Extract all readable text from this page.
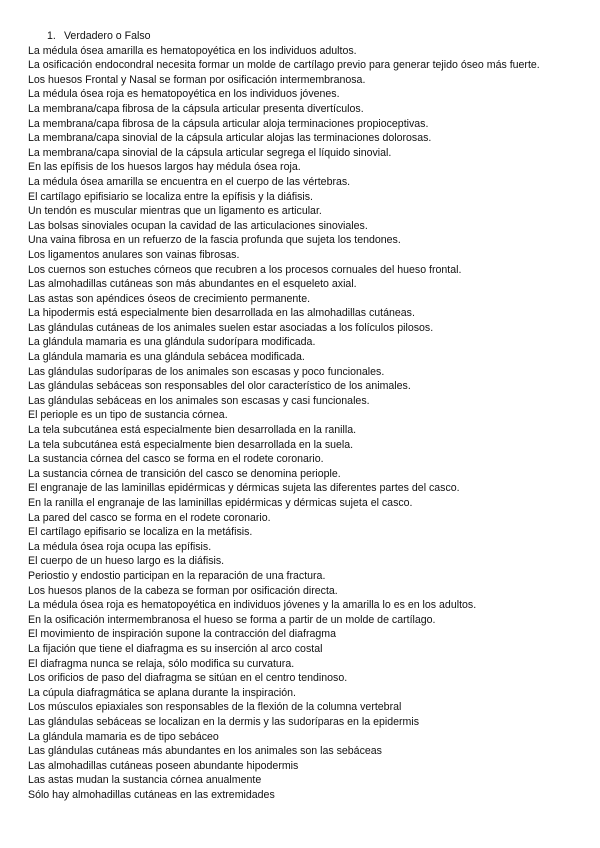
1. Verdadero o Falso
La médula ósea amarilla es hematopoyética en los individuos adultos.
La osificación endocondral necesita formar un molde de cartílago previo para generar tejido óseo más fuerte.
Los huesos Frontal y Nasal se forman por osificación intermembranosa.
La médula ósea roja es hematopoyética en los individuos jóvenes.
La membrana/capa fibrosa de la cápsula articular presenta divertículos.
La membrana/capa fibrosa de la cápsula articular aloja terminaciones propioceptivas.
La membrana/capa sinovial de la cápsula articular alojas las terminaciones dolorosas.
La membrana/capa sinovial de la cápsula articular segrega el líquido sinovial.
En las epífisis de los huesos largos hay médula ósea roja.
La médula ósea amarilla se encuentra en el cuerpo de las vértebras.
El cartílago epifisiario se localiza entre la epífisis y la diáfisis.
Un tendón es muscular mientras que un ligamento es articular.
Las bolsas sinoviales ocupan la cavidad de las articulaciones sinoviales.
Una vaina fibrosa en un refuerzo de la fascia profunda que sujeta los tendones.
Los ligamentos anulares son vainas fibrosas.
Los cuernos son estuches córneos que recubren a los procesos cornuales del hueso frontal.
Las almohadillas cutáneas son más abundantes en el esqueleto axial.
Las astas son apéndices óseos de crecimiento permanente.
La hipodermis está especialmente bien desarrollada en las almohadillas cutáneas.
Las glándulas cutáneas de los animales suelen estar asociadas a los folículos pilosos.
La glándula mamaria es una glándula sudorípara modificada.
La glándula mamaria es una glándula sebácea modificada.
Las glándulas sudoríparas de los animales son escasas y poco funcionales.
Las glándulas sebáceas son responsables del olor característico de los animales.
Las glándulas sebáceas en los animales son escasas y casi funcionales.
El periople es un tipo de sustancia córnea.
La tela subcutánea está especialmente bien desarrollada en la ranilla.
La tela subcutánea está especialmente bien desarrollada en la suela.
La sustancia córnea del casco se forma en el rodete coronario.
La sustancia córnea de transición del casco se denomina periople.
El engranaje de las laminillas epidérmicas y dérmicas sujeta las diferentes partes del casco.
En la ranilla el engranaje de las laminillas epidérmicas y dérmicas sujeta el casco.
La pared del casco se forma en el rodete coronario.
El cartílago epifisario se localiza en la metáfisis.
La médula ósea roja ocupa las epífisis.
El cuerpo de un hueso largo es la diáfisis.
Periostio y endostio participan en la reparación de una fractura.
Los huesos planos de la cabeza se forman por osificación directa.
La médula ósea roja es hematopoyética en individuos jóvenes y la amarilla lo es en los adultos.
En la osificación intermembranosa el hueso se forma a partir de un molde de cartílago.
El movimiento de inspiración supone la contracción del diafragma
La fijación que tiene el diafragma es su inserción al arco costal
El diafragma nunca se relaja, sólo modifica su curvatura.
Los orificios de paso del diafragma se sitúan en el centro tendinoso.
La cúpula diafragmática se aplana durante la inspiración.
Los músculos epiaxiales son responsables de la flexión de la columna vertebral
Las glándulas sebáceas se localizan en la dermis y las sudoríparas en la epidermis
La glándula mamaria es de tipo sebáceo
Las glándulas cutáneas más abundantes en los animales son las sebáceas
Las almohadillas cutáneas poseen abundante hipodermis
Las astas mudan la sustancia córnea anualmente
Sólo hay almohadillas cutáneas en las extremidades
